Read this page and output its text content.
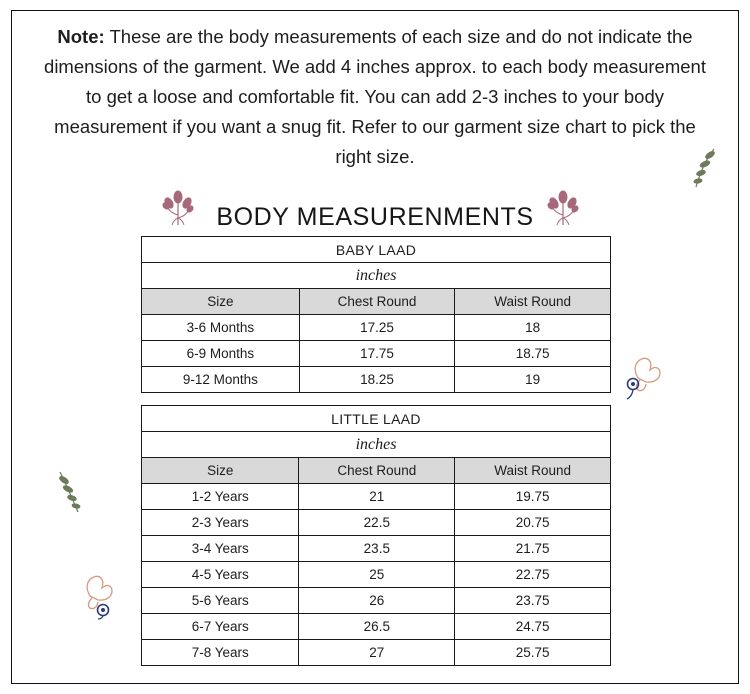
Note: These are the body measurements of each size and do not indicate the dimensions of the garment. We add 4 inches approx. to each body measurement to get a loose and comfortable fit. You can add 2-3 inches to your body measurement if you want a snug fit. Refer to our garment size chart to pick the right size.
BODY MEASURENMENTS
BABY LAAD		
inches		
Size	Chest Round	Waist Round
3-6 Months	17.25	18
6-9 Months	17.75	18.75
9-12 Months	18.25	19
LITTLE LAAD		
inches		
Size	Chest Round	Waist Round
1-2 Years	21	19.75
2-3 Years	22.5	20.75
3-4 Years	23.5	21.75
4-5 Years	25	22.75
5-6 Years	26	23.75
6-7 Years	26.5	24.75
7-8 Years	27	25.75
